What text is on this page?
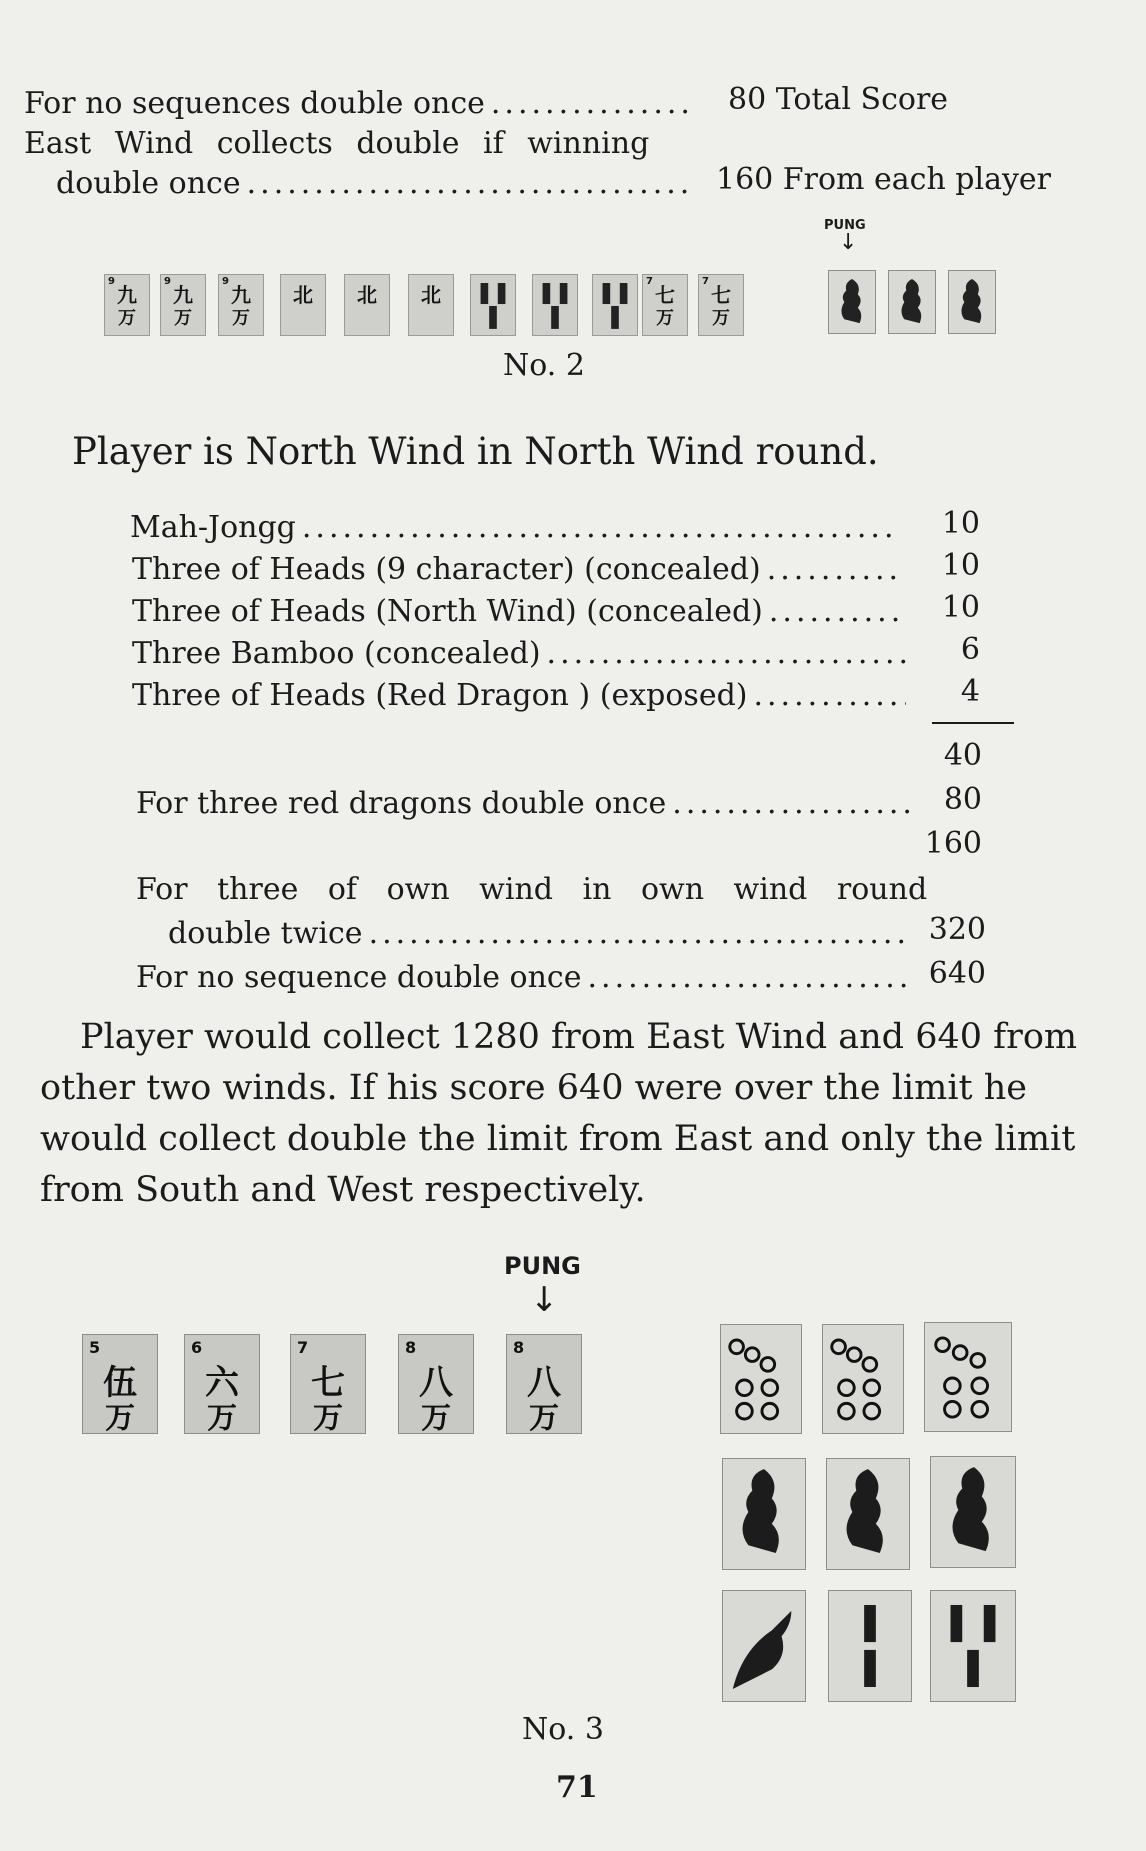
For no sequences double once .....	80 Total Score
East Wind collects double if winning
double once .....	160 From each player
PUNG
↓
9
九
万
9
九
万
9
九
万
北	北	北
7
七
万
7
七
万
No. 2
Player is North Wind in North Wind round.
Mah-Jongg .....	10
Three of Heads (9 character) (concealed) .....	10
Three of Heads (North Wind) (concealed) .....	10
Three Bamboo (concealed) .....	6
Three of Heads (Red Dragon ) (exposed) .....	4
40
For three red dragons double once .....	80
160
For three of own wind in own wind round
double twice .....	320
For no sequence double once .....	640
Player would collect 1280 from East Wind and 640 from
other two winds. If his score 640 were over the limit he
would collect double the limit from East and only the limit
from South and West respectively.
PUNG
↓
5
伍
万
6
六
万
7
七
万
8
八
万
8
八
万
No. 3
71
